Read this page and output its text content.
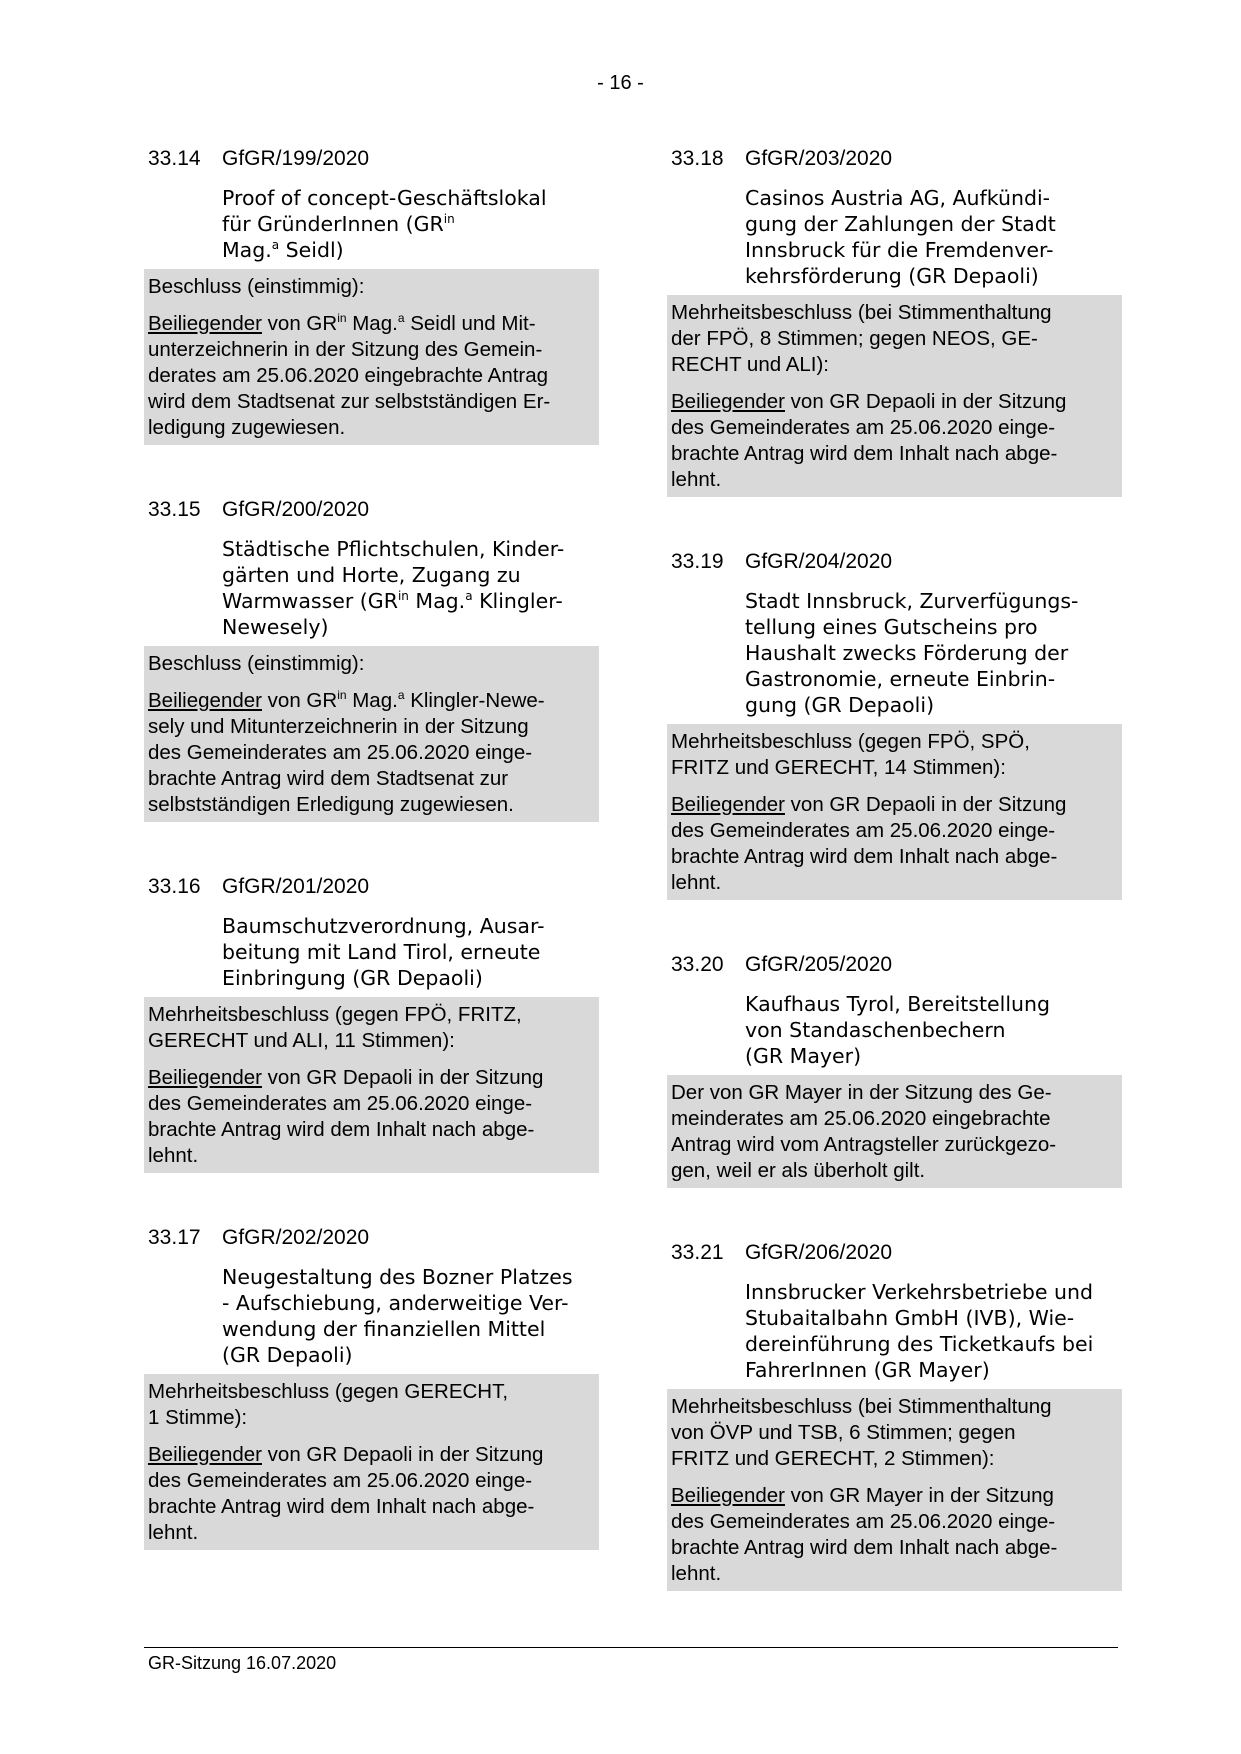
- 16 -
33.14	GfGR/199/2020
Proof of concept-Geschäftslokal
für GründerInnen ($GR^{in}$
Mag.$^a$ Seidl)
Beschluss (einstimmig):
Beiliegender von $GR^{in}$ Mag.$^a$ Seidl und Mit-
unterzeichnerin in der Sitzung des Gemein-
derates am 25.06.2020 eingebrachte Antrag
wird dem Stadtsenat zur selbstständigen Er-
ledigung zugewiesen.
33.15	GfGR/200/2020
Städtische Pflichtschulen, Kinder-
gärten und Horte, Zugang zu
Warmwasser ($GR^{in}$ Mag.$^a$ Klingler-
Newesely)
Beschluss (einstimmig):
Beiliegender von $GR^{in}$ Mag.$^a$ Klingler-Newe-
sely und Mitunterzeichnerin in der Sitzung
des Gemeinderates am 25.06.2020 einge-
brachte Antrag wird dem Stadtsenat zur
selbstständigen Erledigung zugewiesen.
33.16	GfGR/201/2020
Baumschutzverordnung, Ausar-
beitung mit Land Tirol, erneute
Einbringung (GR Depaoli)
Mehrheitsbeschluss (gegen FPÖ, FRITZ,
GERECHT und ALI, 11 Stimmen):
Beiliegender von GR Depaoli in der Sitzung
des Gemeinderates am 25.06.2020 einge-
brachte Antrag wird dem Inhalt nach abge-
lehnt.
33.17	GfGR/202/2020
Neugestaltung des Bozner Platzes
- Aufschiebung, anderweitige Ver-
wendung der finanziellen Mittel
(GR Depaoli)
Mehrheitsbeschluss (gegen GERECHT,
1 Stimme):
Beiliegender von GR Depaoli in der Sitzung
des Gemeinderates am 25.06.2020 einge-
brachte Antrag wird dem Inhalt nach abge-
lehnt.
33.18	GfGR/203/2020
Casinos Austria AG, Aufkündi-
gung der Zahlungen der Stadt
Innsbruck für die Fremdenver-
kehrsförderung (GR Depaoli)
Mehrheitsbeschluss (bei Stimmenthaltung
der FPÖ, 8 Stimmen; gegen NEOS, GE-
RECHT und ALI):
Beiliegender von GR Depaoli in der Sitzung
des Gemeinderates am 25.06.2020 einge-
brachte Antrag wird dem Inhalt nach abge-
lehnt.
33.19	GfGR/204/2020
Stadt Innsbruck, Zurverfügungs-
tellung eines Gutscheins pro
Haushalt zwecks Förderung der
Gastronomie, erneute Einbrin-
gung (GR Depaoli)
Mehrheitsbeschluss (gegen FPÖ, SPÖ,
FRITZ und GERECHT, 14 Stimmen):
Beiliegender von GR Depaoli in der Sitzung
des Gemeinderates am 25.06.2020 einge-
brachte Antrag wird dem Inhalt nach abge-
lehnt.
33.20	GfGR/205/2020
Kaufhaus Tyrol, Bereitstellung
von Standaschenbechern
(GR Mayer)
Der von GR Mayer in der Sitzung des Ge-
meinderates am 25.06.2020 eingebrachte
Antrag wird vom Antragsteller zurückgezo-
gen, weil er als überholt gilt.
33.21	GfGR/206/2020
Innsbrucker Verkehrsbetriebe und
Stubaitalbahn GmbH (IVB), Wie-
dereinführung des Ticketkaufs bei
FahrerInnen (GR Mayer)
Mehrheitsbeschluss (bei Stimmenthaltung
von ÖVP und TSB, 6 Stimmen; gegen
FRITZ und GERECHT, 2 Stimmen):
Beiliegender von GR Mayer in der Sitzung
des Gemeinderates am 25.06.2020 einge-
brachte Antrag wird dem Inhalt nach abge-
lehnt.
GR-Sitzung 16.07.2020
